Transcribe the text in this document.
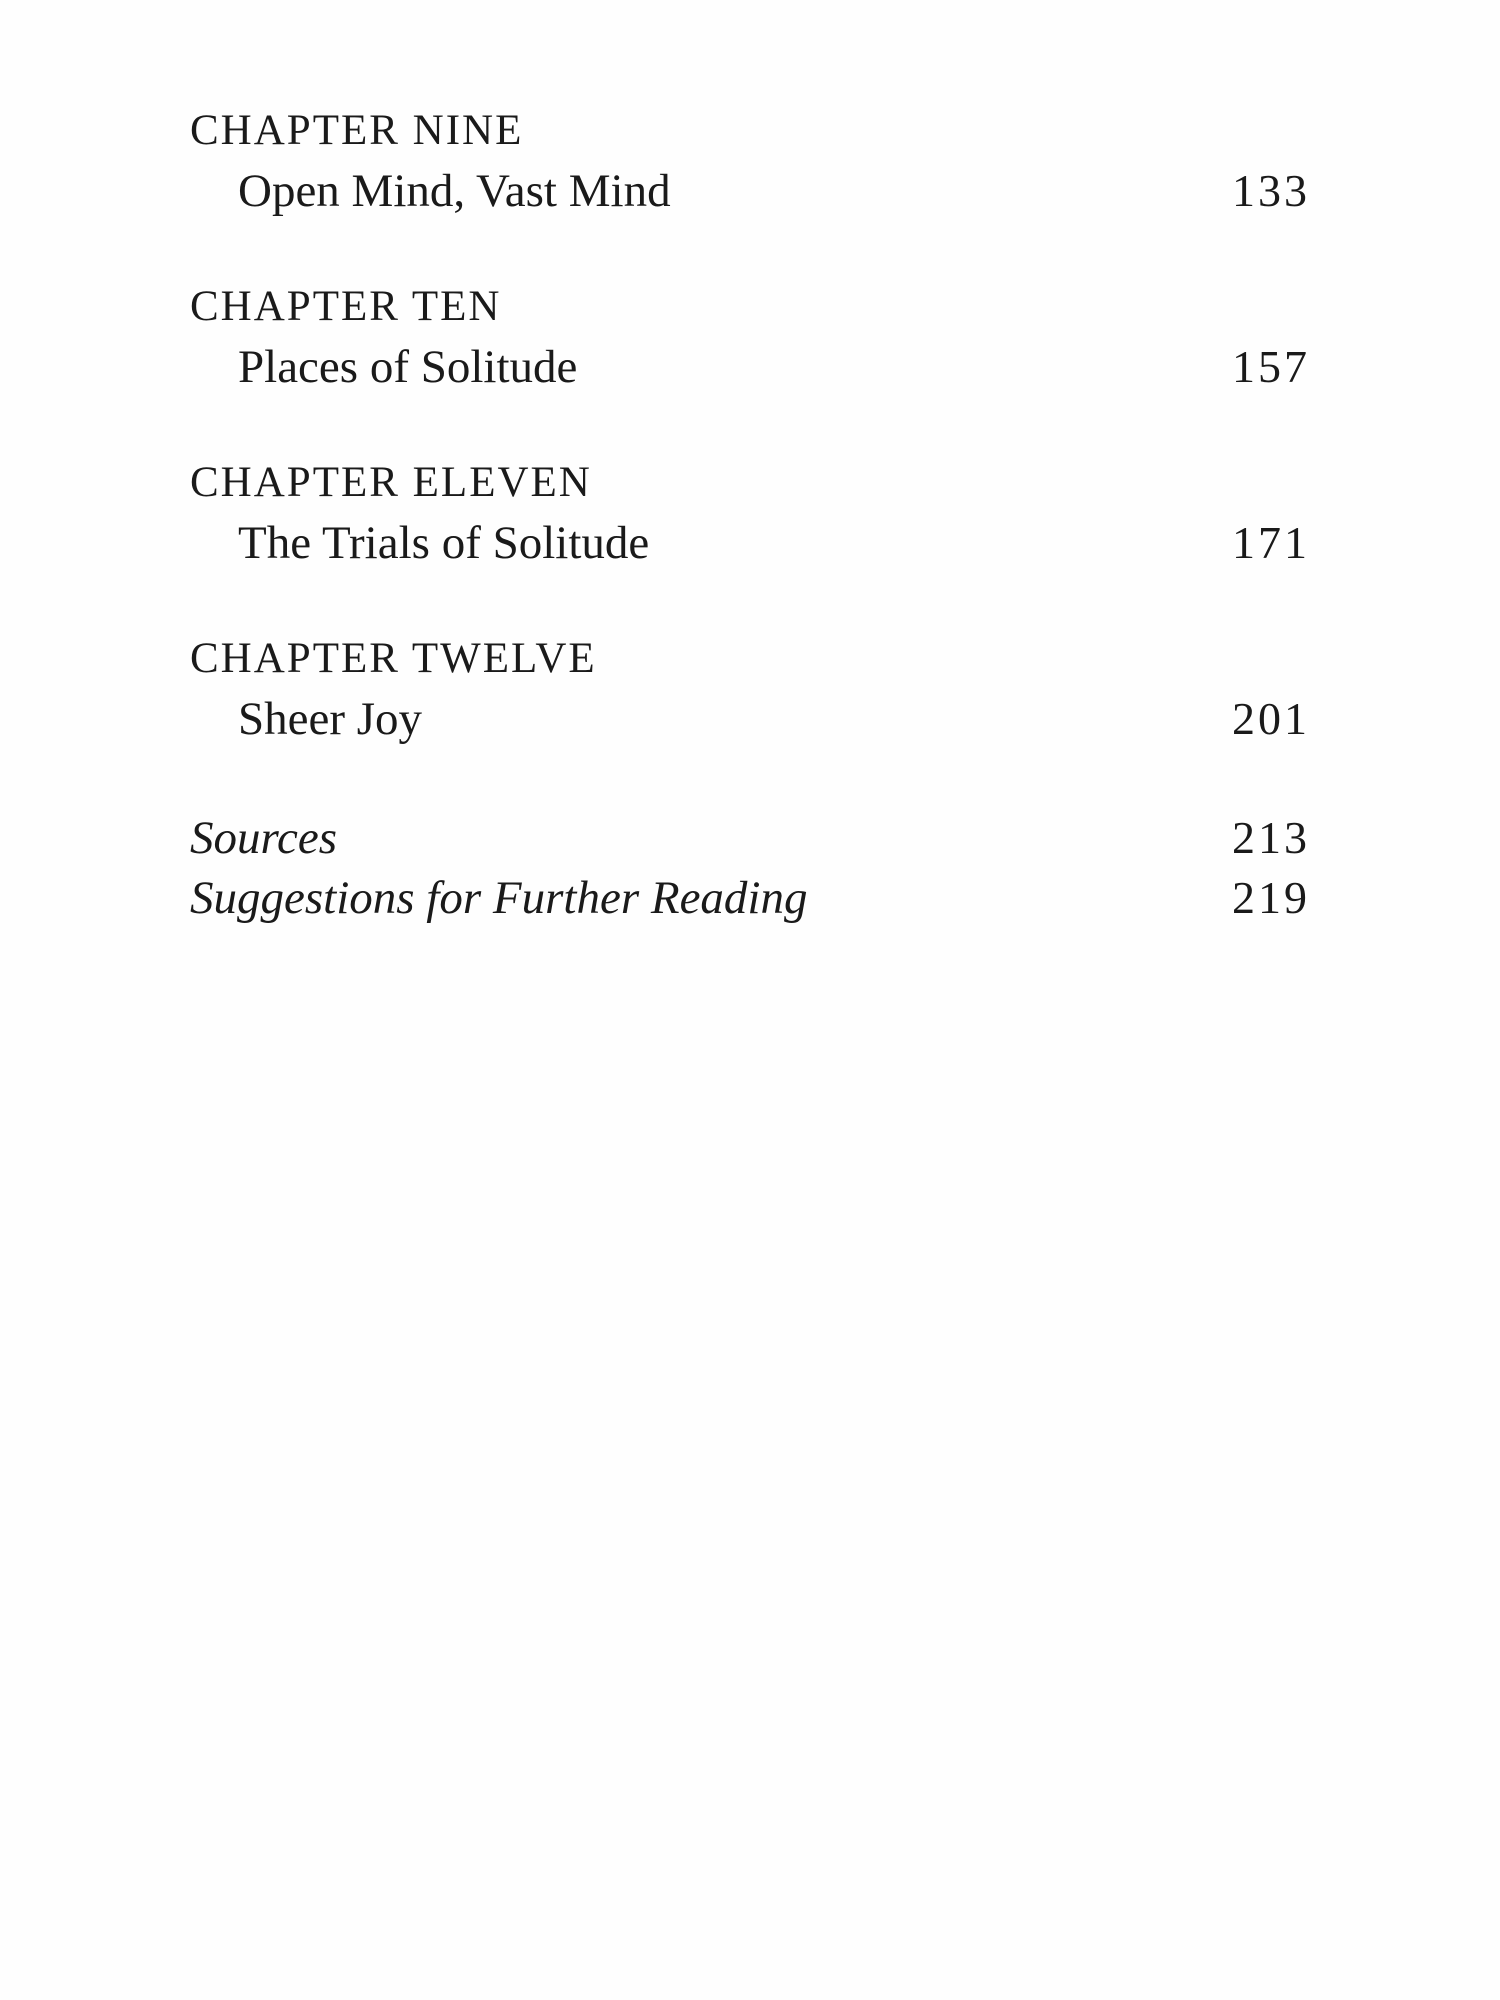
CHAPTER NINE
Open Mind, Vast Mind	133
CHAPTER TEN
Places of Solitude	157
CHAPTER ELEVEN
The Trials of Solitude	171
CHAPTER TWELVE
Sheer Joy	201
Sources	213
Suggestions for Further Reading	219
